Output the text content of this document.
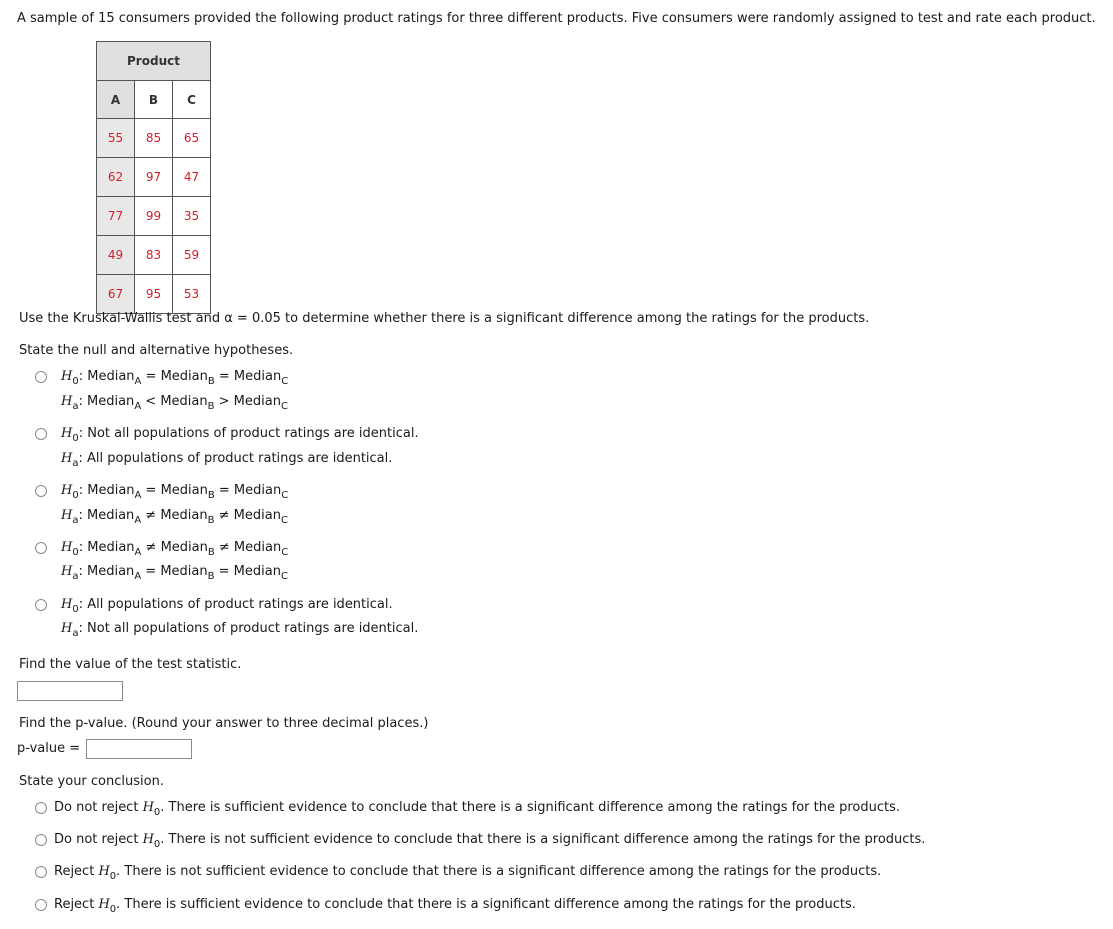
A sample of 15 consumers provided the following product ratings for three different products. Five consumers were randomly assigned to test and rate each product.
Product		
A	B	C
55	85	65
62	97	47
77	99	35
49	83	59
67	95	53
Use the Kruskal-Wallis test and α = 0.05 to determine whether there is a significant difference among the ratings for the products.
State the null and alternative hypotheses.
$H_0$: Median$_A$ = Median$_B$ = Median$_C$
$H_a$: Median$_A$ < Median$_B$ > Median$_C$
$H_0$: Not all populations of product ratings are identical.
$H_a$: All populations of product ratings are identical.
$H_0$: Median$_A$ = Median$_B$ = Median$_C$
$H_a$: Median$_A$ ≠ Median$_B$ ≠ Median$_C$
$H_0$: Median$_A$ ≠ Median$_B$ ≠ Median$_C$
$H_a$: Median$_A$ = Median$_B$ = Median$_C$
$H_0$: All populations of product ratings are identical.
$H_a$: Not all populations of product ratings are identical.
Find the value of the test statistic.
Find the p-value. (Round your answer to three decimal places.)
p-value =
State your conclusion.
Do not reject $H_0$. There is sufficient evidence to conclude that there is a significant difference among the ratings for the products.
Do not reject $H_0$. There is not sufficient evidence to conclude that there is a significant difference among the ratings for the products.
Reject $H_0$. There is not sufficient evidence to conclude that there is a significant difference among the ratings for the products.
Reject $H_0$. There is sufficient evidence to conclude that there is a significant difference among the ratings for the products.
